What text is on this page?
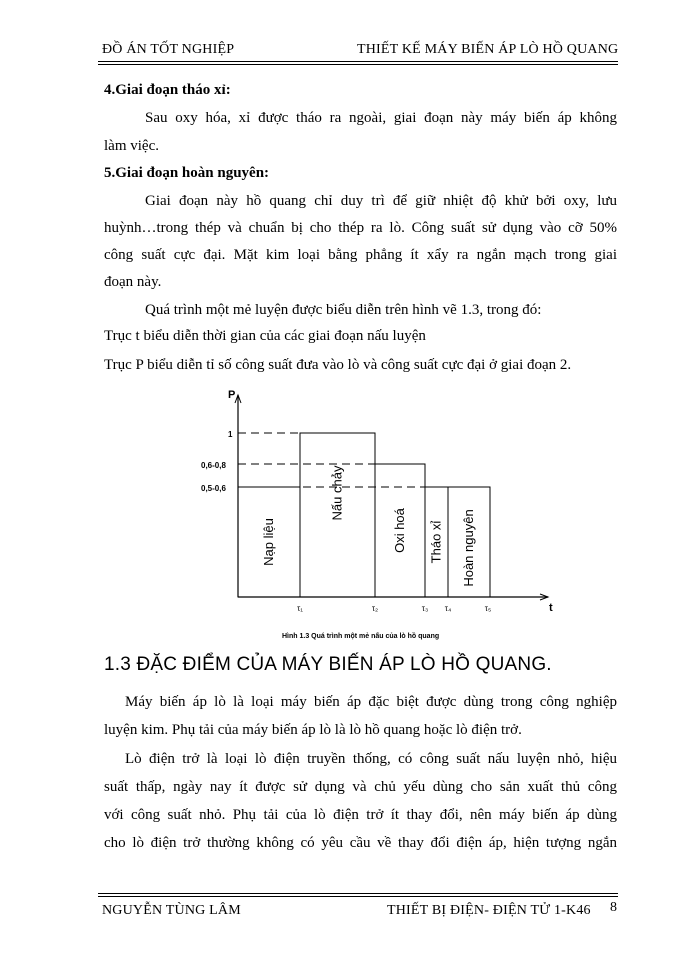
ĐỒ ÁN TỐT NGHIỆP	THIẾT KẾ MÁY BIẾN ÁP LÒ HỒ QUANG
4.Giai đoạn tháo xỉ:
Sau oxy hóa, xỉ được tháo ra ngoài, giai đoạn này máy biến áp không
làm việc.
5.Giai đoạn hoàn nguyên:
Giai đoạn này hồ quang chỉ duy trì để giữ nhiệt độ khử bởi oxy, lưu
huỳnh…trong thép và chuẩn bị cho thép ra lò. Công suất sử dụng vào cỡ 50%
công suất cực đại. Mặt kim loại bằng phẳng ít xẩy ra ngắn mạch trong giai
đoạn này.
Quá trình một mẻ luyện được biểu diễn trên hình vẽ 1.3, trong đó:
Trục t biểu diễn thời gian của các giai đoạn nấu luyện
Trục P biểu diễn tỉ số công suất đưa vào lò và công suất cực đại ở giai đoạn 2.
P
t
1
0,6-0,8
0,5-0,6
Nạp liệu
Nấu chảy
Oxi hoá Tháo xỉ Hoàn nguyên
τ₁	τ₂	τ₃ τ₄	τ₅
Hình 1.3 Quá trình một mẻ nấu của lò hồ quang
1.3 ĐẶC ĐIỂM CỦA MÁY BIẾN ÁP LÒ HỒ QUANG.
Máy biến áp lò là loại máy biến áp đặc biệt được dùng trong công nghiệp
luyện kim. Phụ tải của máy biến áp lò là lò hồ quang hoặc lò điện trở.
Lò điện trở là loại lò điện truyền thống, có công suất nấu luyện nhỏ, hiệu
suất thấp, ngày nay ít được sử dụng và chủ yếu dùng cho sản xuất thủ công
với công suất nhỏ. Phụ tải của lò điện trở ít thay đổi, nên máy biến áp dùng
cho lò điện trở thường không có yêu cầu về thay đổi điện áp, hiện tượng ngắn
NGUYỄN TÙNG LÂM	THIẾT BỊ ĐIỆN- ĐIỆN TỬ 1-K46 8
